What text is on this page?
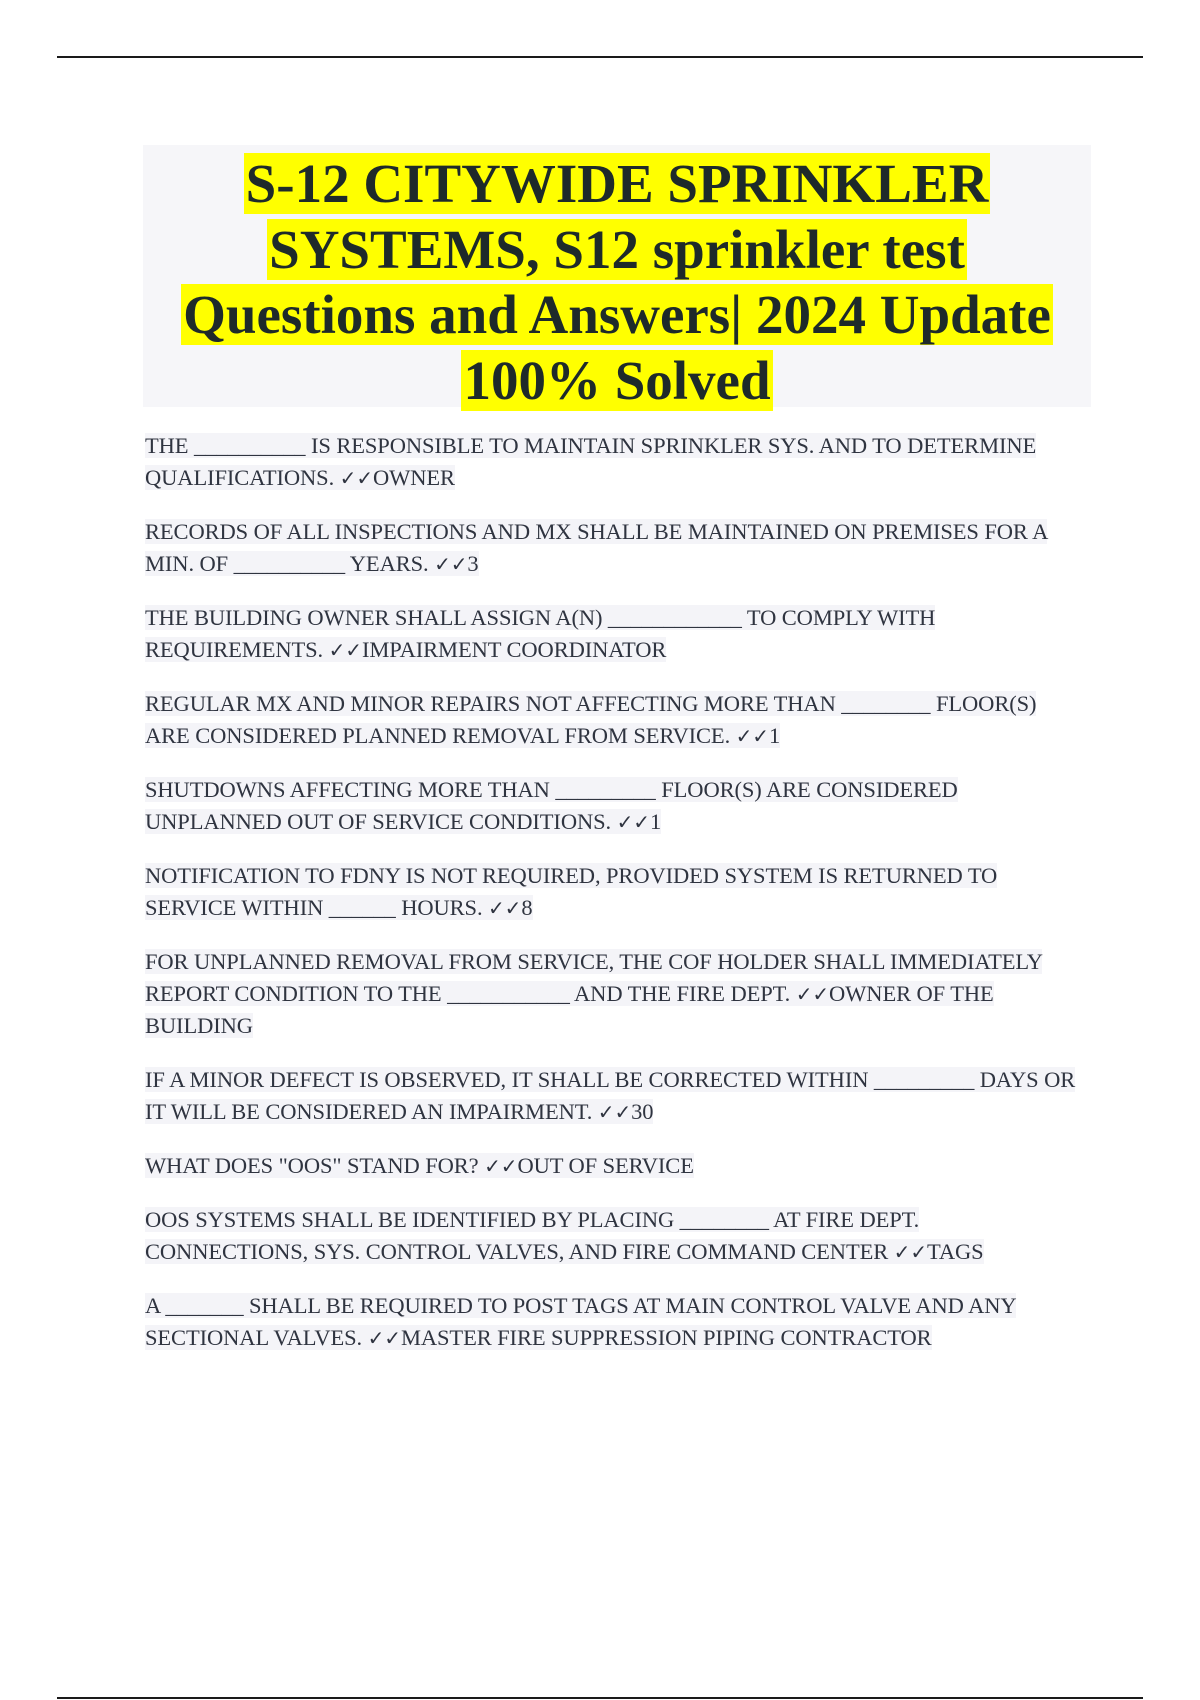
S-12 CITYWIDE SPRINKLER
SYSTEMS, S12 sprinkler test
Questions and Answers| 2024 Update
100% Solved

THE __________ IS RESPONSIBLE TO MAINTAIN SPRINKLER SYS. AND TO DETERMINE QUALIFICATIONS. ✓✓OWNER

RECORDS OF ALL INSPECTIONS AND MX SHALL BE MAINTAINED ON PREMISES FOR A MIN. OF __________ YEARS. ✓✓3

THE BUILDING OWNER SHALL ASSIGN A(N) ____________ TO COMPLY WITH REQUIREMENTS. ✓✓IMPAIRMENT COORDINATOR

REGULAR MX AND MINOR REPAIRS NOT AFFECTING MORE THAN ________ FLOOR(S) ARE CONSIDERED PLANNED REMOVAL FROM SERVICE. ✓✓1

SHUTDOWNS AFFECTING MORE THAN _________ FLOOR(S) ARE CONSIDERED UNPLANNED OUT OF SERVICE CONDITIONS. ✓✓1

NOTIFICATION TO FDNY IS NOT REQUIRED, PROVIDED SYSTEM IS RETURNED TO SERVICE WITHIN ______ HOURS. ✓✓8

FOR UNPLANNED REMOVAL FROM SERVICE, THE COF HOLDER SHALL IMMEDIATELY REPORT CONDITION TO THE ___________ AND THE FIRE DEPT. ✓✓OWNER OF THE BUILDING

IF A MINOR DEFECT IS OBSERVED, IT SHALL BE CORRECTED WITHIN _________ DAYS OR IT WILL BE CONSIDERED AN IMPAIRMENT. ✓✓30

WHAT DOES "OOS" STAND FOR? ✓✓OUT OF SERVICE

OOS SYSTEMS SHALL BE IDENTIFIED BY PLACING ________ AT FIRE DEPT. CONNECTIONS, SYS. CONTROL VALVES, AND FIRE COMMAND CENTER ✓✓TAGS

A _______ SHALL BE REQUIRED TO POST TAGS AT MAIN CONTROL VALVE AND ANY SECTIONAL VALVES. ✓✓MASTER FIRE SUPPRESSION PIPING CONTRACTOR
